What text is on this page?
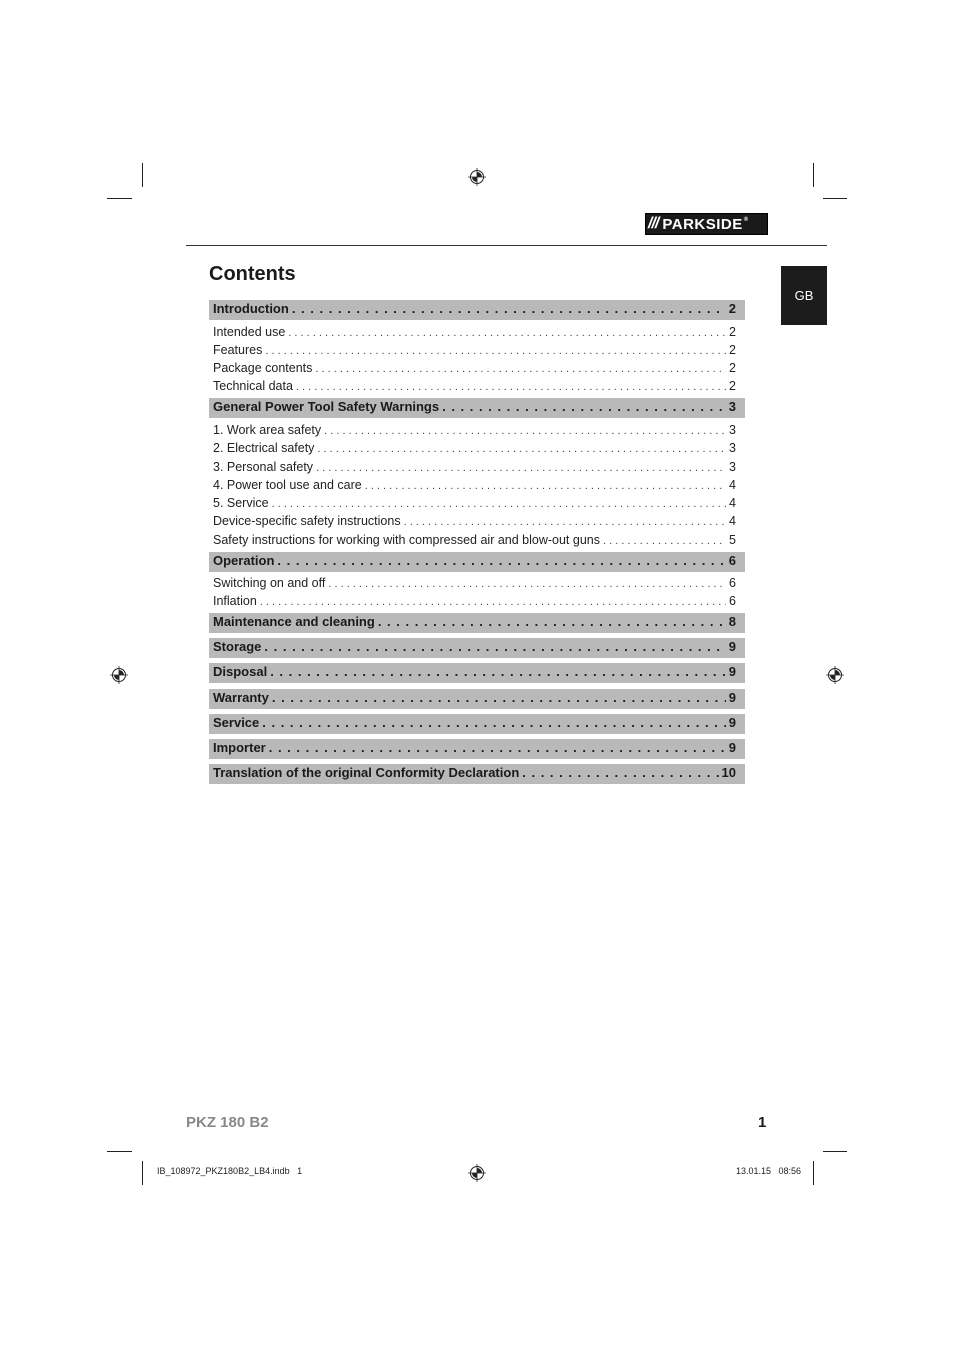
/// PARKSIDE ®
GB
Contents
Introduction . . .	2
Intended use . . .	2
Features . . .	2
Package contents . . .	2
Technical data . . .	2
General Power Tool Safety Warnings . . .	3
1. Work area safety . . .	3
2. Electrical safety . . .	3
3. Personal safety . . .	3
4. Power tool use and care . . .	4
5. Service . . .	4
Device-specific safety instructions . . .	4
Safety instructions for working with compressed air and blow-out guns . . .	5
Operation . . .	6
Switching on and off . . .	6
Inflation . . .	6
Maintenance and cleaning . . .	8
Storage . . .	9
Disposal . . .	9
Warranty . . .	9
Service . . .	9
Importer . . .	9
Translation of the original Conformity Declaration . . .	10
PKZ 180 B2	1
IB_108972_PKZ180B2_LB4.indb   1	13.01.15   08:56
